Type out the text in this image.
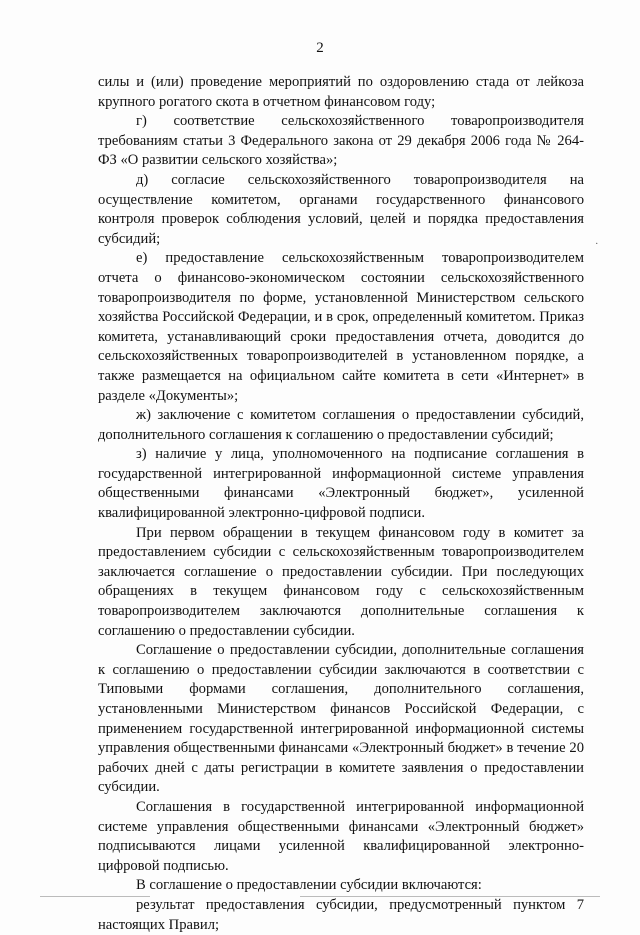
2
.

силы и (или) проведение мероприятий по оздоровлению стада от лейкоза крупного рогатого скота в отчетном финансовом году;

г) соответствие сельскохозяйственного товаропроизводителя требованиям статьи 3 Федерального закона от 29 декабря 2006 года № 264-ФЗ «О развитии сельского хозяйства»;

д) согласие сельскохозяйственного товаропроизводителя на осуществление комитетом, органами государственного финансового контроля проверок соблюдения условий, целей и порядка предоставления субсидий;

е) предоставление сельскохозяйственным товаропроизводителем отчета о финансово-экономическом состоянии сельскохозяйственного товаропроизводителя по форме, установленной Министерством сельского хозяйства Российской Федерации, и в срок, определенный комитетом. Приказ комитета, устанавливающий сроки предоставления отчета, доводится до сельскохозяйственных товаропроизводителей в установленном порядке, а также размещается на официальном сайте комитета в сети «Интернет» в разделе «Документы»;

ж) заключение с комитетом соглашения о предоставлении субсидий, дополнительного соглашения к соглашению о предоставлении субсидий;

з) наличие у лица, уполномоченного на подписание соглашения в государственной интегрированной информационной системе управления общественными финансами «Электронный бюджет», усиленной квалифицированной электронно-цифровой подписи.

При первом обращении в текущем финансовом году в комитет за предоставлением субсидии с сельскохозяйственным товаропроизводителем заключается соглашение о предоставлении субсидии. При последующих обращениях в текущем финансовом году с сельскохозяйственным товаропроизводителем заключаются дополнительные соглашения к соглашению о предоставлении субсидии.

Соглашение о предоставлении субсидии, дополнительные соглашения к соглашению о предоставлении субсидии заключаются в соответствии с Типовыми формами соглашения, дополнительного соглашения, установленными Министерством финансов Российской Федерации, с применением государственной интегрированной информационной системы управления общественными финансами «Электронный бюджет» в течение 20 рабочих дней с даты регистрации в комитете заявления о предоставлении субсидии.

Соглашения в государственной интегрированной информационной системе управления общественными финансами «Электронный бюджет» подписываются лицами усиленной квалифицированной электронно-цифровой подписью.

В соглашение о предоставлении субсидии включаются:

результат предоставления субсидии, предусмотренный пунктом 7 настоящих Правил;
